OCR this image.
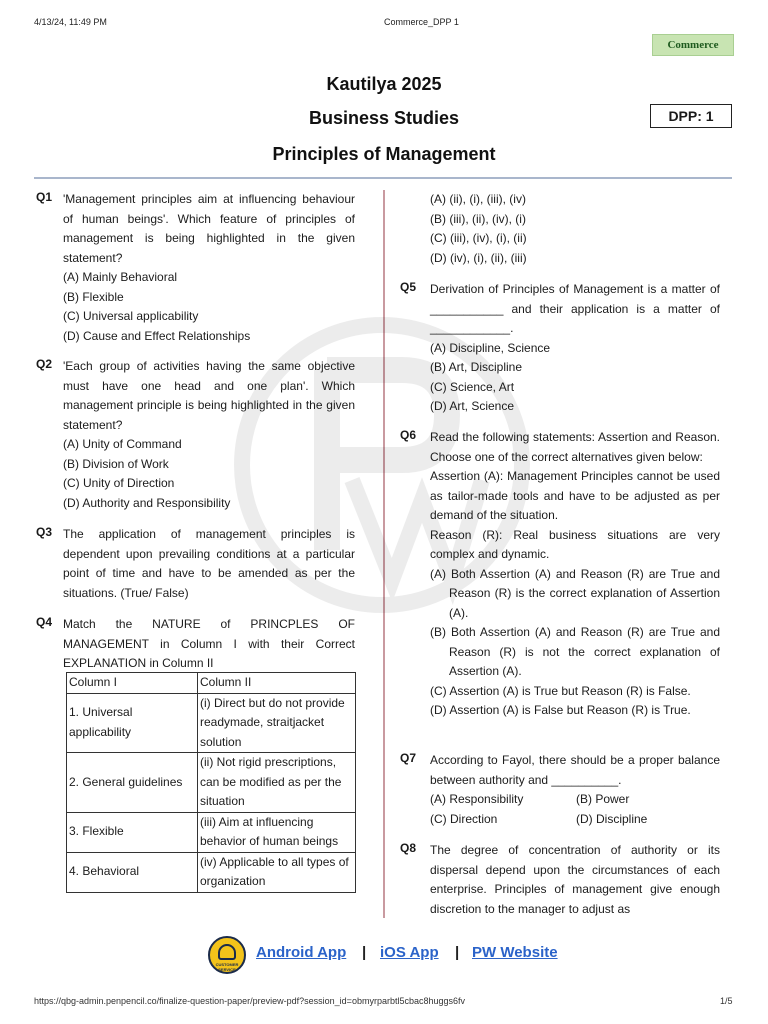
4/13/24, 11:49 PM	Commerce_DPP 1
Commerce
Kautilya 2025
Business Studies
Principles of Management
DPP: 1
Q1 'Management principles aim at influencing behaviour of human beings'. Which feature of principles of management is being highlighted in the given statement?
(A) Mainly Behavioral
(B) Flexible
(C) Universal applicability
(D) Cause and Effect Relationships
Q2 'Each group of activities having the same objective must have one head and one plan'. Which management principle is being highlighted in the given statement?
(A) Unity of Command
(B) Division of Work
(C) Unity of Direction
(D) Authority and Responsibility
Q3 The application of management principles is dependent upon prevailing conditions at a particular point of time and have to be amended as per the situations. (True/ False)
Q4 Match the NATURE of PRINCPLES OF MANAGEMENT in Column I with their Correct EXPLANATION in Column II
Column I	Column II
1. Universal applicability	(i) Direct but do not provide readymade, straitjacket solution
2. General guidelines	(ii) Not rigid prescriptions, can be modified as per the situation
3. Flexible	(iii) Aim at influencing behavior of human beings
4. Behavioral	(iv) Applicable to all types of organization
(A) (ii), (i), (iii), (iv)
(B) (iii), (ii), (iv), (i)
(C) (iii), (iv), (i), (ii)
(D) (iv), (i), (ii), (iii)
Q5	Derivation of Principles of Management is a matter of ___________ and their application is a matter of ____________.
(A) Discipline, Science
(B) Art, Discipline
(C) Science, Art
(D) Art, Science
Q6	Read the following statements: Assertion and Reason. Choose one of the correct alternatives given below:
Assertion (A): Management Principles cannot be used as tailor-made tools and have to be adjusted as per demand of the situation.
Reason (R): Real business situations are very complex and dynamic.
(A) Both Assertion (A) and Reason (R) are True and Reason (R) is the correct explanation of Assertion (A).
(B) Both Assertion (A) and Reason (R) are True and Reason (R) is not the correct explanation of Assertion (A).
(C) Assertion (A) is True but Reason (R) is False.
(D) Assertion (A) is False but Reason (R) is True.
Q7	According to Fayol, there should be a proper balance between authority and __________.
(A) Responsibility	(B) Power
(C) Direction	(D) Discipline
Q8	The degree of concentration of authority or its dispersal depend upon the circumstances of each enterprise. Principles of management give enough discretion to the manager to adjust as
CUSTOMER SERVICE
Android App | iOS App | PW Website
https://qbg-admin.penpencil.co/finalize-question-paper/preview-pdf?session_id=obmyrparbtl5cbac8huggs6fv	1/5
